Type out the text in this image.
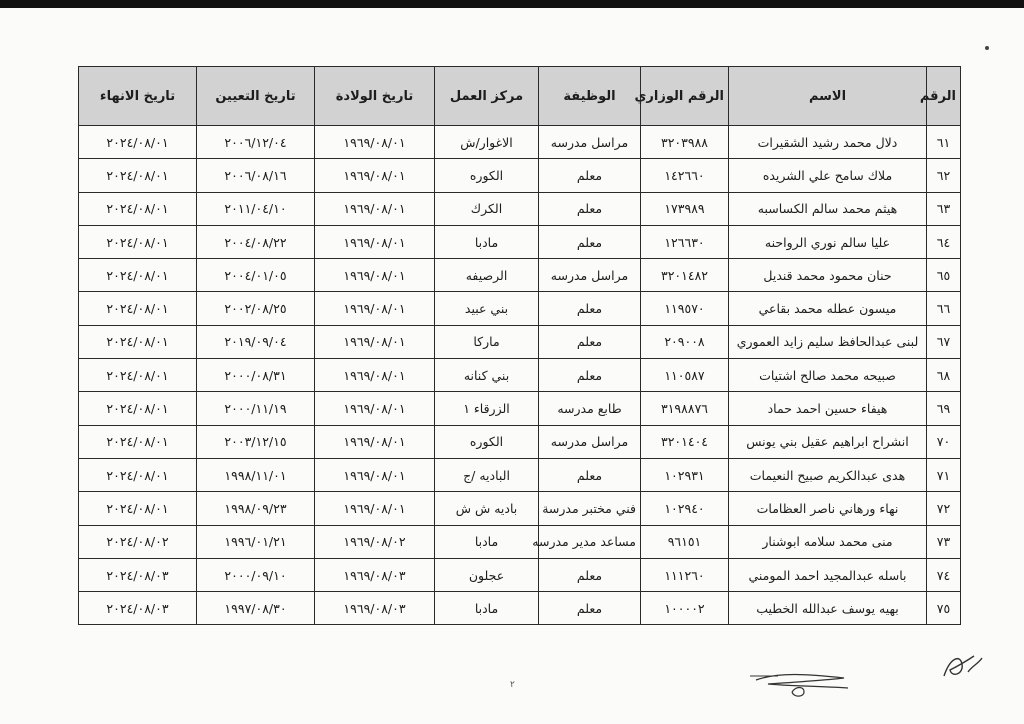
الرقم	الاسم	الرقم الوزاري	الوظيفة	مركز العمل	تاريخ الولادة	تاريخ التعيين	تاريخ الانهاء
٦١	دلال محمد رشيد الشقيرات	٣٢٠٣٩٨٨	مراسل مدرسه	الاغوار/ش	١٩٦٩/٠٨/٠١	٢٠٠٦/١٢/٠٤	٢٠٢٤/٠٨/٠١
٦٢	ملاك سامح علي الشريده	١٤٢٦٦٠	معلم	الكوره	١٩٦٩/٠٨/٠١	٢٠٠٦/٠٨/١٦	٢٠٢٤/٠٨/٠١
٦٣	هيثم محمد سالم الكساسبه	١٧٣٩٨٩	معلم	الكرك	١٩٦٩/٠٨/٠١	٢٠١١/٠٤/١٠	٢٠٢٤/٠٨/٠١
٦٤	عليا سالم نوري الرواحنه	١٢٦٦٣٠	معلم	مادبا	١٩٦٩/٠٨/٠١	٢٠٠٤/٠٨/٢٢	٢٠٢٤/٠٨/٠١
٦٥	حنان محمود محمد قنديل	٣٢٠١٤٨٢	مراسل مدرسه	الرصيفه	١٩٦٩/٠٨/٠١	٢٠٠٤/٠١/٠٥	٢٠٢٤/٠٨/٠١
٦٦	ميسون عطله محمد بقاعي	١١٩٥٧٠	معلم	بني عبيد	١٩٦٩/٠٨/٠١	٢٠٠٢/٠٨/٢٥	٢٠٢٤/٠٨/٠١
٦٧	لبنى عبدالحافظ سليم زايد العموري	٢٠٩٠٠٨	معلم	ماركا	١٩٦٩/٠٨/٠١	٢٠١٩/٠٩/٠٤	٢٠٢٤/٠٨/٠١
٦٨	صبيحه محمد صالح اشتيات	١١٠٥٨٧	معلم	بني كنانه	١٩٦٩/٠٨/٠١	٢٠٠٠/٠٨/٣١	٢٠٢٤/٠٨/٠١
٦٩	هيفاء حسين احمد حماد	٣١٩٨٨٧٦	طابع مدرسه	الزرقاء ١	١٩٦٩/٠٨/٠١	٢٠٠٠/١١/١٩	٢٠٢٤/٠٨/٠١
٧٠	انشراح ابراهيم عقيل بني يونس	٣٢٠١٤٠٤	مراسل مدرسه	الكوره	١٩٦٩/٠٨/٠١	٢٠٠٣/١٢/١٥	٢٠٢٤/٠٨/٠١
٧١	هدى عبدالكريم صبيح النعيمات	١٠٢٩٣١	معلم	الباديه /ج	١٩٦٩/٠٨/٠١	١٩٩٨/١١/٠١	٢٠٢٤/٠٨/٠١
٧٢	نهاء ورهاني ناصر العظامات	١٠٢٩٤٠	فني مختبر مدرسة	باديه ش ش	١٩٦٩/٠٨/٠١	١٩٩٨/٠٩/٢٣	٢٠٢٤/٠٨/٠١
٧٣	منى محمد سلامه ابوشنار	٩٦١٥١	مساعد مدير مدرسه	مادبا	١٩٦٩/٠٨/٠٢	١٩٩٦/٠١/٢١	٢٠٢٤/٠٨/٠٢
٧٤	باسله عبدالمجيد احمد المومني	١١١٢٦٠	معلم	عجلون	١٩٦٩/٠٨/٠٣	٢٠٠٠/٠٩/١٠	٢٠٢٤/٠٨/٠٣
٧٥	بهيه يوسف عبدالله الخطيب	١٠٠٠٠٢	معلم	مادبا	١٩٦٩/٠٨/٠٣	١٩٩٧/٠٨/٣٠	٢٠٢٤/٠٨/٠٣
٢
